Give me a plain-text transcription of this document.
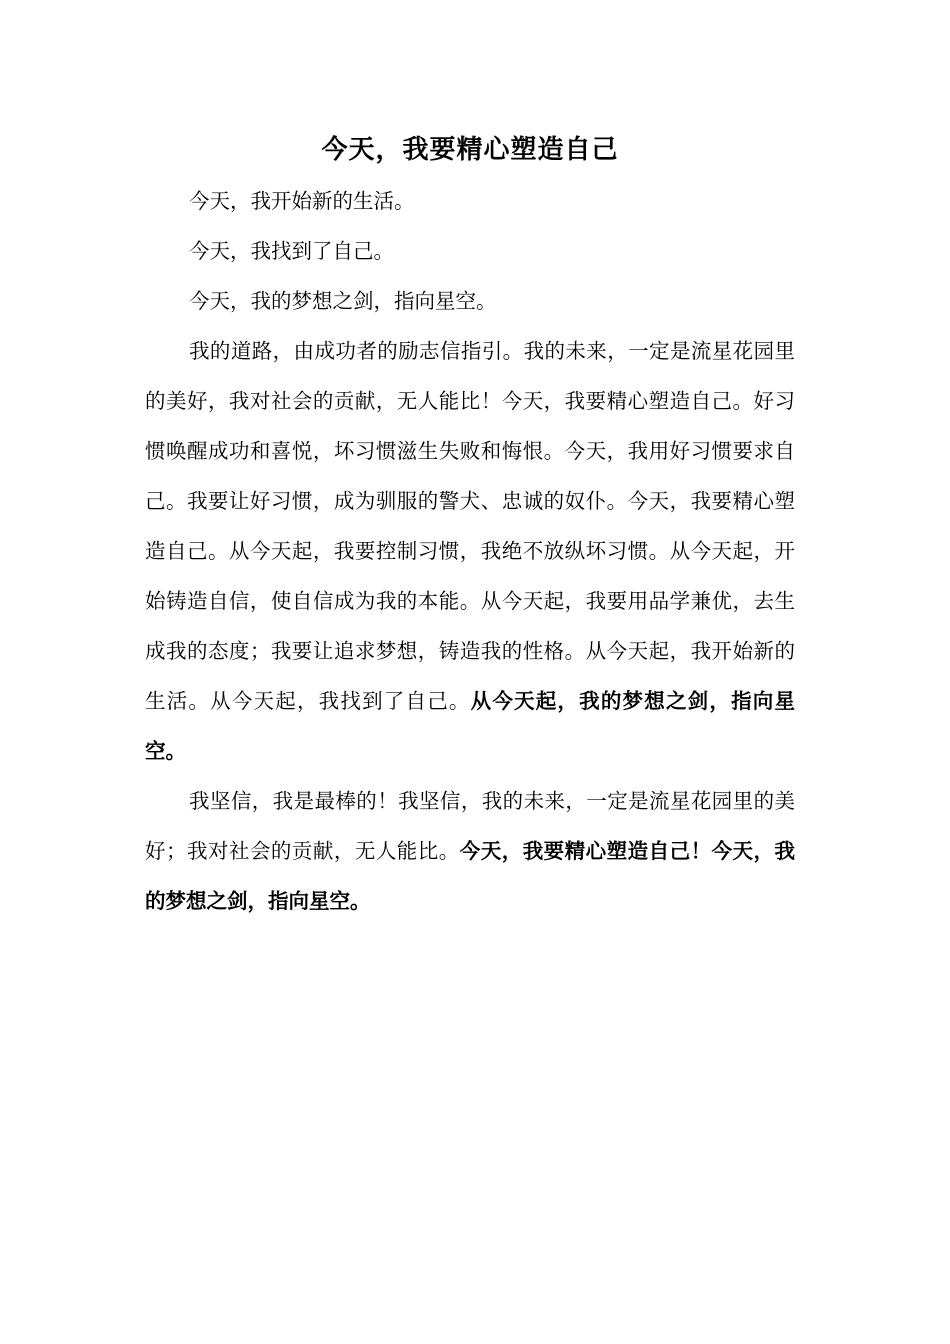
今天，我要精心塑造自己

今天，我开始新的生活。

今天，我找到了自己。

今天，我的梦想之剑，指向星空。

我的道路，由成功者的励志信指引。我的未来，一定是流星花园里的美好，我对社会的贡献，无人能比！今天，我要精心塑造自己。好习惯唤醒成功和喜悦，坏习惯滋生失败和悔恨。今天，我用好习惯要求自己。我要让好习惯，成为驯服的警犬、忠诚的奴仆。今天，我要精心塑造自己。从今天起，我要控制习惯，我绝不放纵坏习惯。从今天起，开始铸造自信，使自信成为我的本能。从今天起，我要用品学兼优，去生成我的态度；我要让追求梦想，铸造我的性格。从今天起，我开始新的生活。从今天起，我找到了自己。从今天起，我的梦想之剑，指向星空。

我坚信，我是最棒的！我坚信，我的未来，一定是流星花园里的美好；我对社会的贡献，无人能比。今天，我要精心塑造自己！今天，我的梦想之剑，指向星空。
